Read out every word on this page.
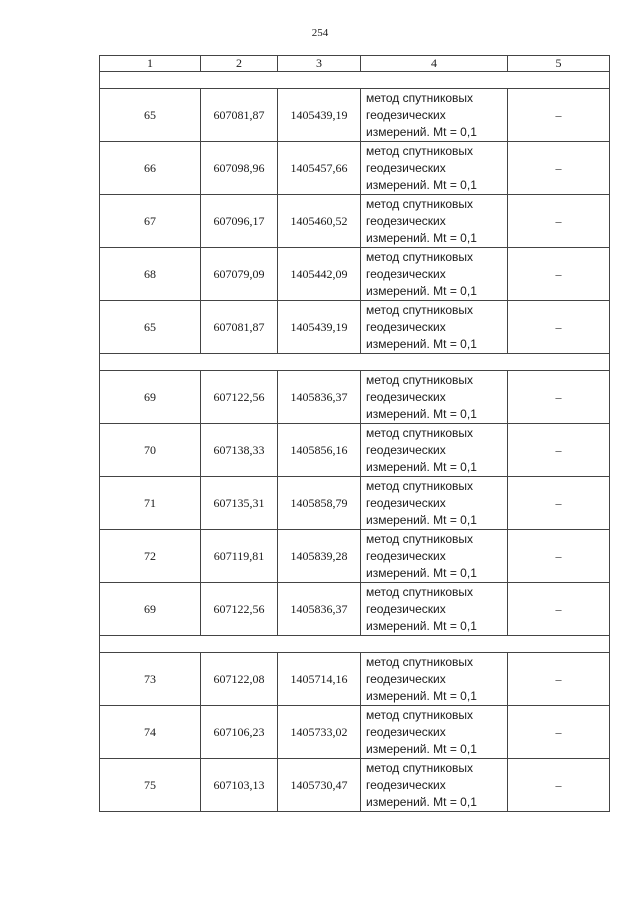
254
1	2	3	4	5

65	607081,87	1405439,19	метод спутниковых
геодезических
измерений. Mt = 0,1	–
66	607098,96	1405457,66	метод спутниковых
геодезических
измерений. Mt = 0,1	–
67	607096,17	1405460,52	метод спутниковых
геодезических
измерений. Mt = 0,1	–
68	607079,09	1405442,09	метод спутниковых
геодезических
измерений. Mt = 0,1	–
65	607081,87	1405439,19	метод спутниковых
геодезических
измерений. Mt = 0,1	–

69	607122,56	1405836,37	метод спутниковых
геодезических
измерений. Mt = 0,1	–
70	607138,33	1405856,16	метод спутниковых
геодезических
измерений. Mt = 0,1	–
71	607135,31	1405858,79	метод спутниковых
геодезических
измерений. Mt = 0,1	–
72	607119,81	1405839,28	метод спутниковых
геодезических
измерений. Mt = 0,1	–
69	607122,56	1405836,37	метод спутниковых
геодезических
измерений. Mt = 0,1	–

73	607122,08	1405714,16	метод спутниковых
геодезических
измерений. Mt = 0,1	–
74	607106,23	1405733,02	метод спутниковых
геодезических
измерений. Mt = 0,1	–
75	607103,13	1405730,47	метод спутниковых
геодезических
измерений. Mt = 0,1	–
